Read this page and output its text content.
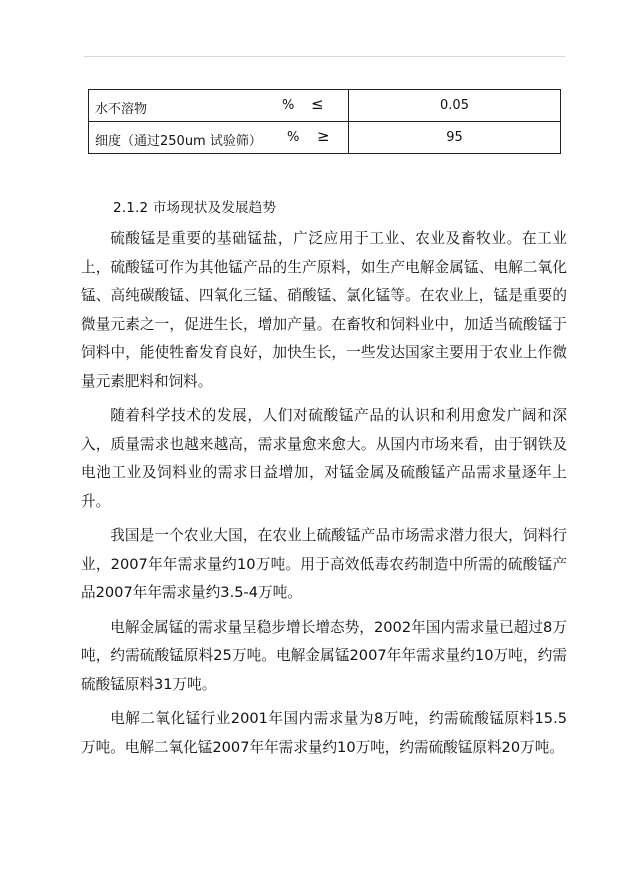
水不溶物 % ≤	0.05

细度（通过250um 试验筛） % ≥	95
2.1.2 市场现状及发展趋势

硫酸锰是重要的基础锰盐，广泛应用于工业、农业及畜牧业。在工业上，硫酸锰可作为其他锰产品的生产原料，如生产电解金属锰、电解二氧化锰、高纯碳酸锰、四氧化三锰、硝酸锰、氯化锰等。在农业上，锰是重要的微量元素之一，促进生长，增加产量。在畜牧和饲料业中，加适当硫酸锰于饲料中，能使牲畜发育良好，加快生长，一些发达国家主要用于农业上作微量元素肥料和饲料。

随着科学技术的发展，人们对硫酸锰产品的认识和利用愈发广阔和深入，质量需求也越来越高，需求量愈来愈大。从国内市场来看，由于钢铁及电池工业及饲料业的需求日益增加，对锰金属及硫酸锰产品需求量逐年上升。

我国是一个农业大国，在农业上硫酸锰产品市场需求潜力很大，饲料行业，2007年年需求量约10万吨。用于高效低毒农药制造中所需的硫酸锰产品2007年年需求量约3.5-4万吨。

电解金属锰的需求量呈稳步增长增态势，2002年国内需求量已超过8万吨，约需硫酸锰原料25万吨。电解金属锰2007年年需求量约10万吨，约需硫酸锰原料31万吨。

电解二氧化锰行业2001年国内需求量为8万吨，约需硫酸锰原料15.5万吨。电解二氧化锰2007年年需求量约10万吨，约需硫酸锰原料20万吨。
